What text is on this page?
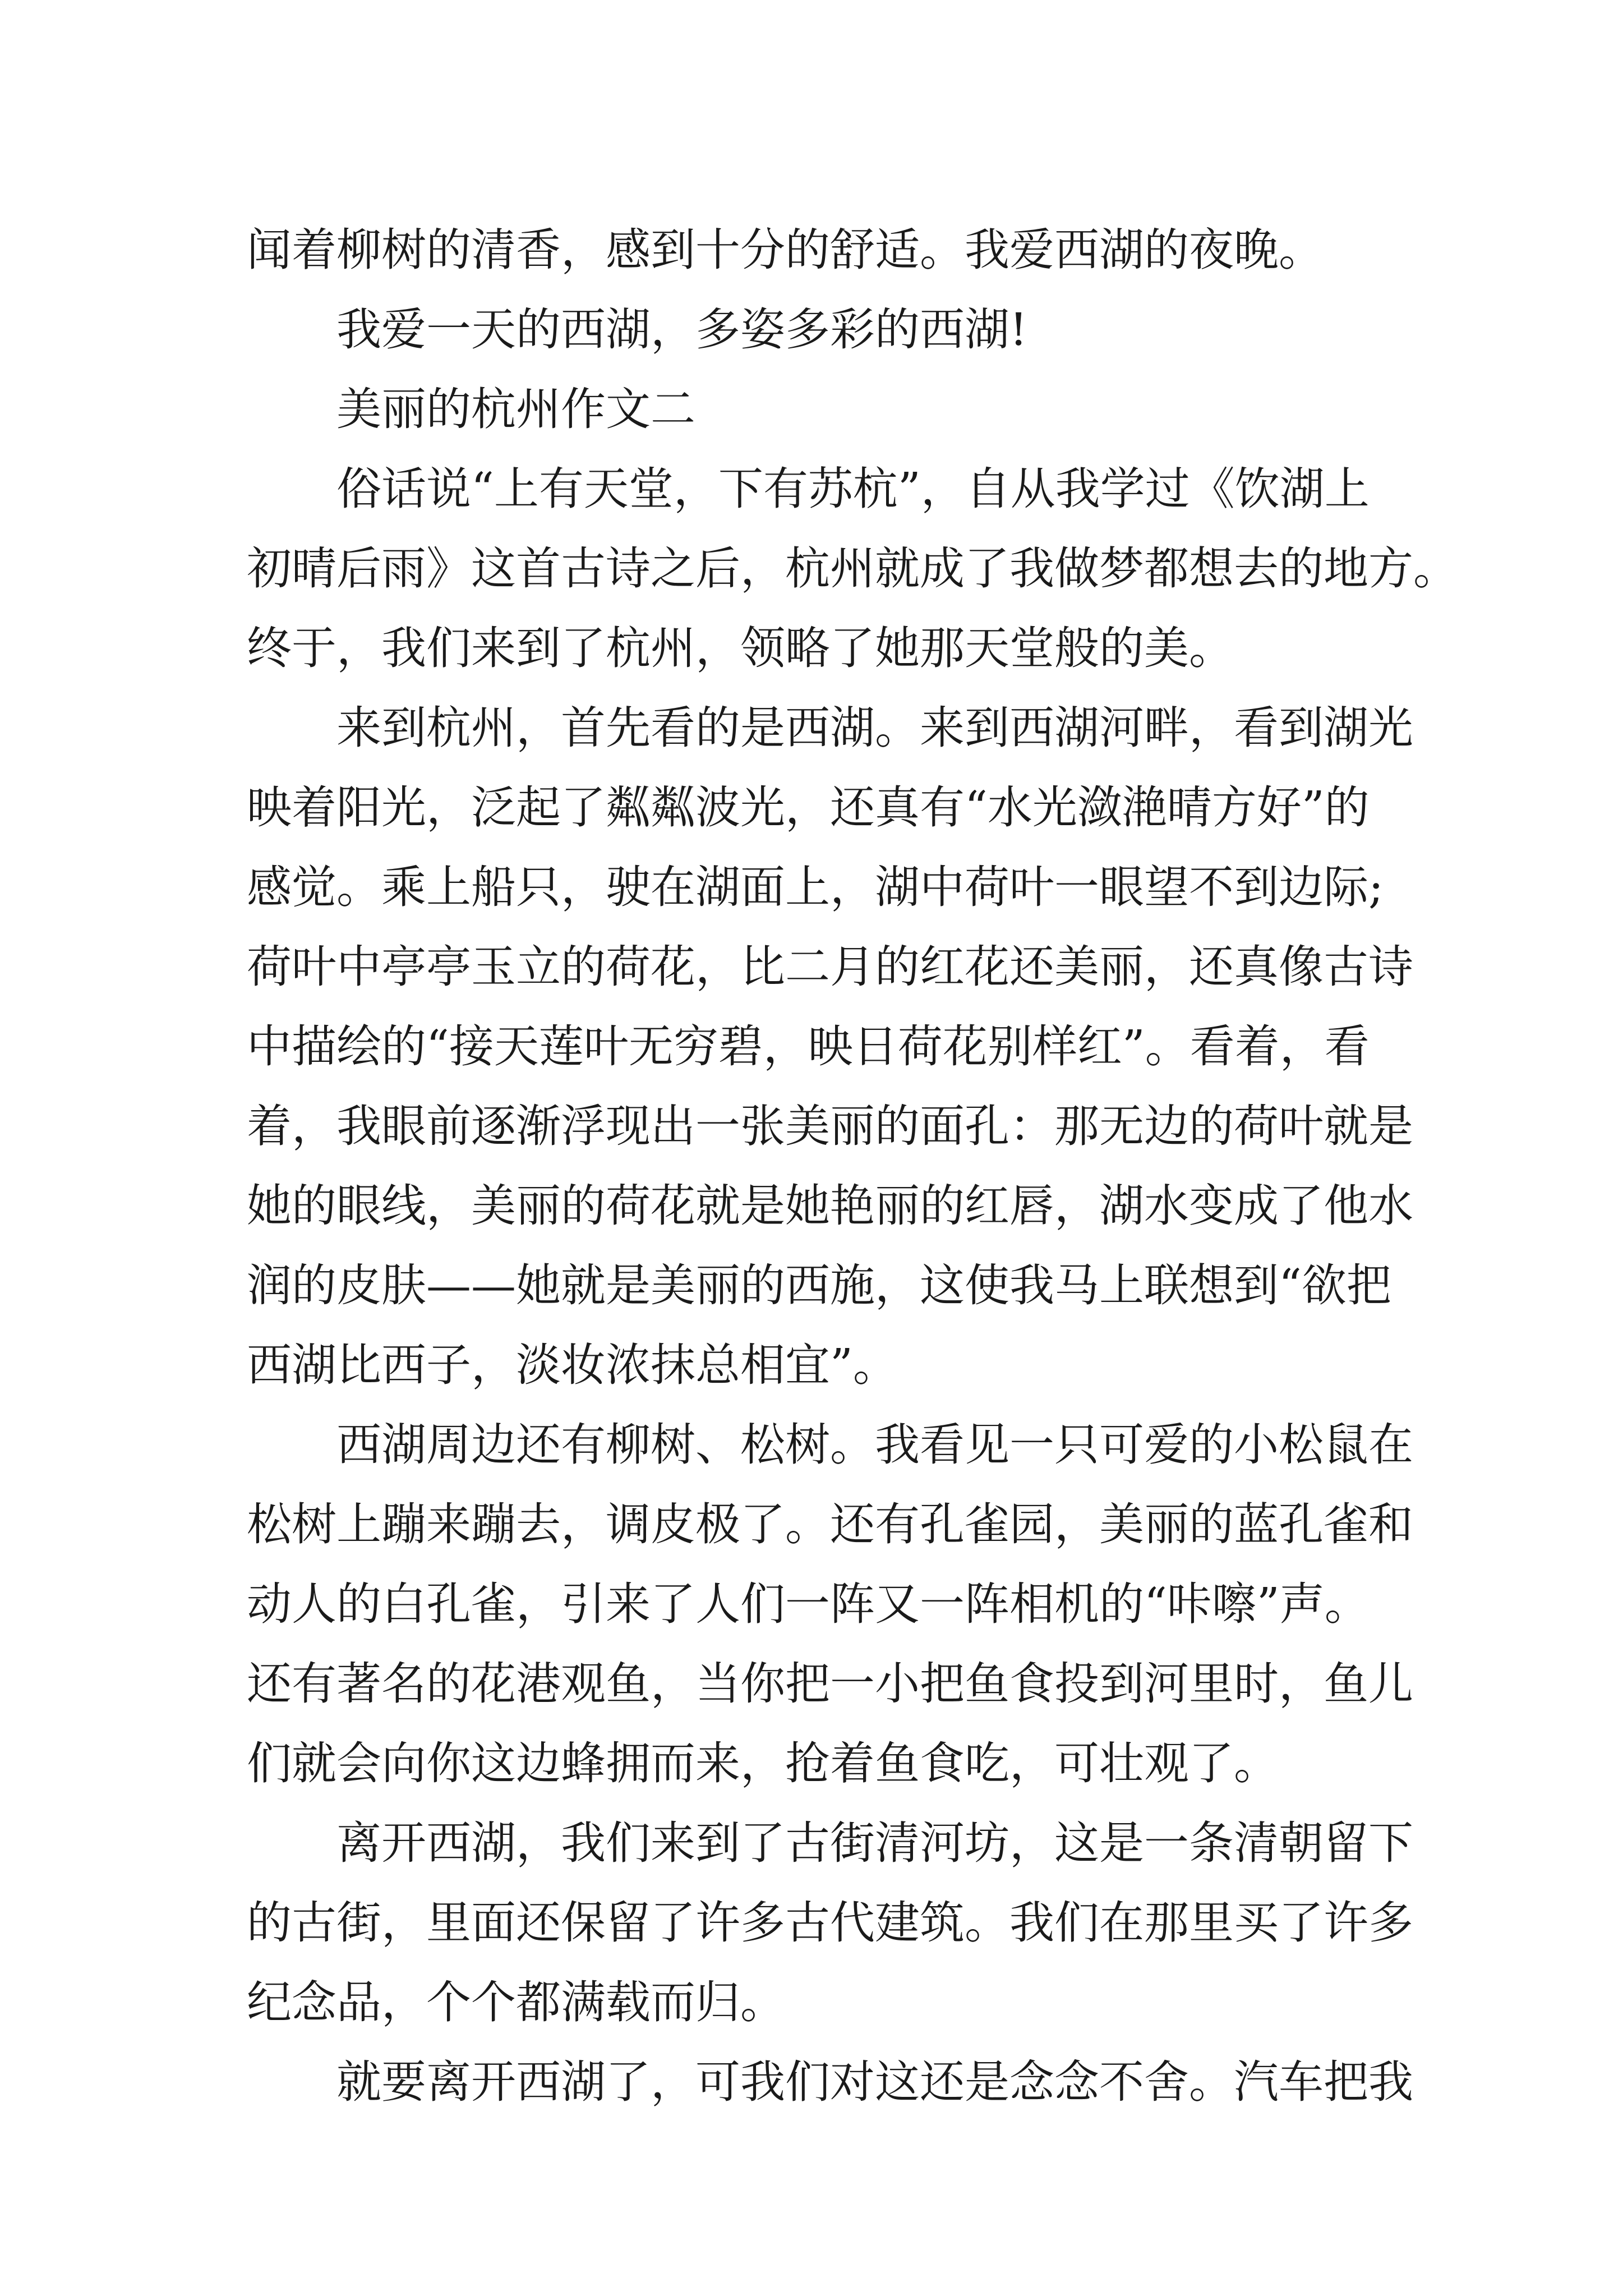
闻着柳树的清香，感到十分的舒适。我爱西湖的夜晚。
我爱一天的西湖，多姿多彩的西湖!
美丽的杭州作文二
俗话说“上有天堂，下有苏杭”，自从我学过《饮湖上
初晴后雨》这首古诗之后，杭州就成了我做梦都想去的地方。
终于，我们来到了杭州，领略了她那天堂般的美。
来到杭州，首先看的是西湖。来到西湖河畔，看到湖光
映着阳光，泛起了粼粼波光，还真有“水光潋滟晴方好”的
感觉。乘上船只，驶在湖面上，湖中荷叶一眼望不到边际;
荷叶中亭亭玉立的荷花，比二月的红花还美丽，还真像古诗
中描绘的“接天莲叶无穷碧，映日荷花别样红”。看着，看
着，我眼前逐渐浮现出一张美丽的面孔：那无边的荷叶就是
她的眼线，美丽的荷花就是她艳丽的红唇，湖水变成了他水
润的皮肤——她就是美丽的西施，这使我马上联想到“欲把
西湖比西子，淡妆浓抹总相宜”。
西湖周边还有柳树、松树。我看见一只可爱的小松鼠在
松树上蹦来蹦去，调皮极了。还有孔雀园，美丽的蓝孔雀和
动人的白孔雀，引来了人们一阵又一阵相机的“咔嚓”声。
还有著名的花港观鱼，当你把一小把鱼食投到河里时，鱼儿
们就会向你这边蜂拥而来，抢着鱼食吃，可壮观了。
离开西湖，我们来到了古街清河坊，这是一条清朝留下
的古街，里面还保留了许多古代建筑。我们在那里买了许多
纪念品，个个都满载而归。
就要离开西湖了，可我们对这还是念念不舍。汽车把我
